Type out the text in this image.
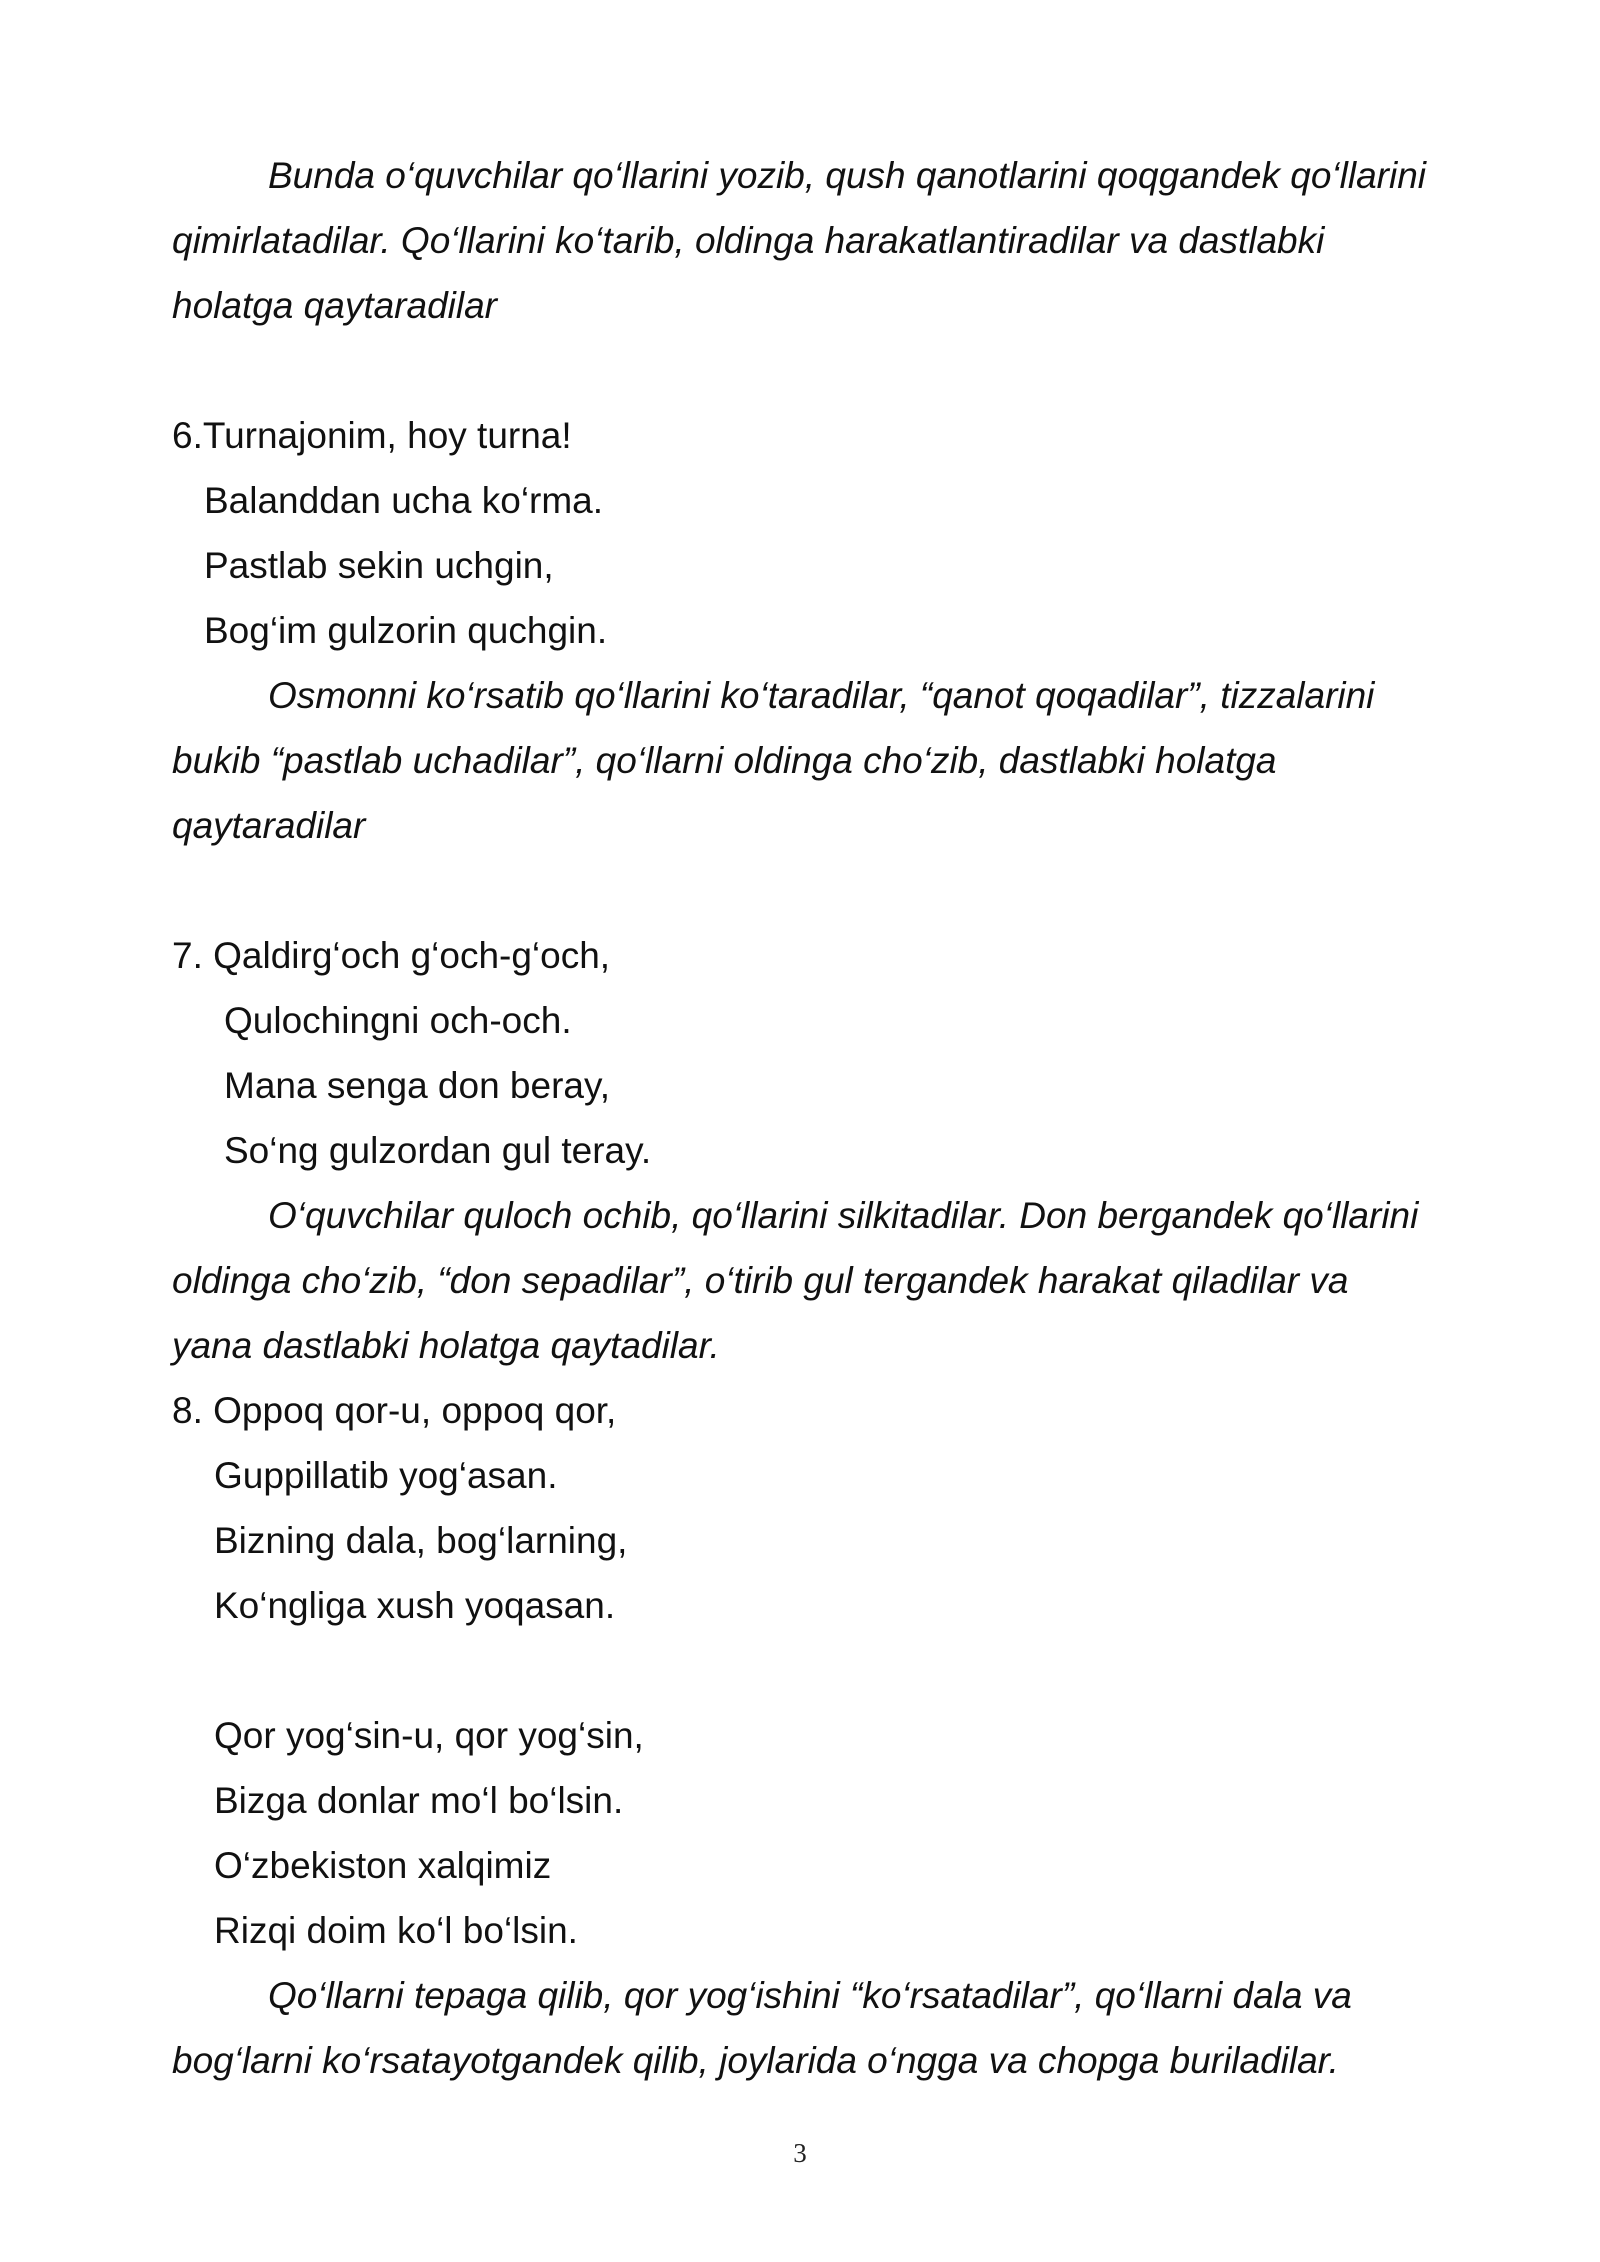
Bunda o‘quvchilar qo‘llarini yozib, qush qanotlarini qoqgandek qo‘llarini
qimirlatadilar. Qo‘llarini ko‘tarib, oldinga harakatlantiradilar va dastlabki
holatga qaytaradilar
6.Turnajonim, hoy turna!
Balanddan ucha ko‘rma.
Pastlab sekin uchgin,
Bog‘im gulzorin quchgin.
Osmonni ko‘rsatib qo‘llarini ko‘taradilar, “qanot qoqadilar”, tizzalarini
bukib “pastlab uchadilar”, qo‘llarni oldinga cho‘zib, dastlabki holatga
qaytaradilar
7. Qaldirg‘och g‘och-g‘och,
Qulochingni och-och.
Mana senga don beray,
So‘ng gulzordan gul teray.
O‘quvchilar quloch ochib, qo‘llarini silkitadilar. Don bergandek qo‘llarini
oldinga cho‘zib, “don sepadilar”, o‘tirib gul tergandek harakat qiladilar va
yana dastlabki holatga qaytadilar.
8. Oppoq qor-u, oppoq qor,
Guppillatib yog‘asan.
Bizning dala, bog‘larning,
Ko‘ngliga xush yoqasan.
Qor yog‘sin-u, qor yog‘sin,
Bizga donlar mo‘l bo‘lsin.
O‘zbekiston xalqimiz
Rizqi doim ko‘l bo‘lsin.
Qo‘llarni tepaga qilib, qor yog‘ishini “ko‘rsatadilar”, qo‘llarni dala va
bog‘larni ko‘rsatayotgandek qilib, joylarida o‘ngga va chopga buriladilar.
3
